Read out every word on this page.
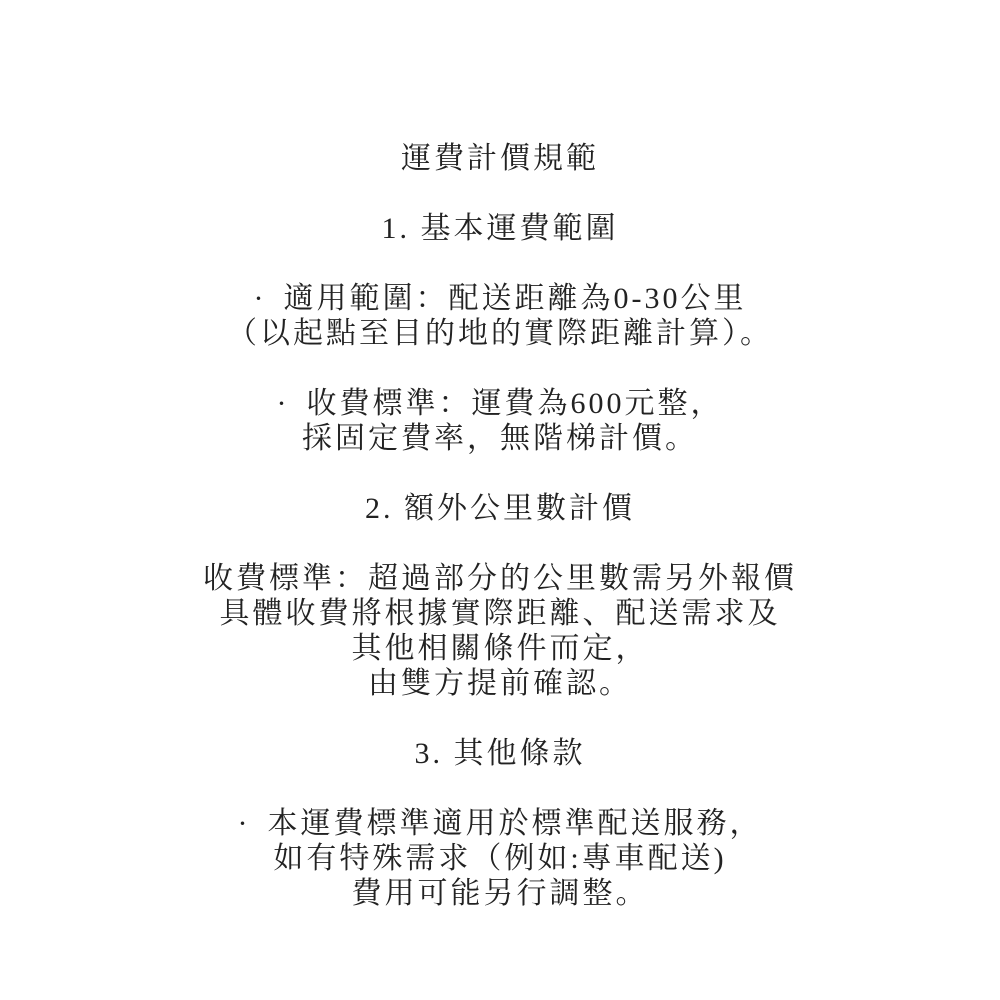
運費計價規範
1. 基本運費範圍
· 適用範圍：配送距離為0-30公里
（以起點至目的地的實際距離計算）。
· 收費標準：運費為600元整，
採固定費率，無階梯計價。
2. 額外公里數計價
收費標準：超過部分的公里數需另外報價
具體收費將根據實際距離、配送需求及
其他相關條件而定，
由雙方提前確認。
3. 其他條款
· 本運費標準適用於標準配送服務，
如有特殊需求（例如:專車配送)
費用可能另行調整。
